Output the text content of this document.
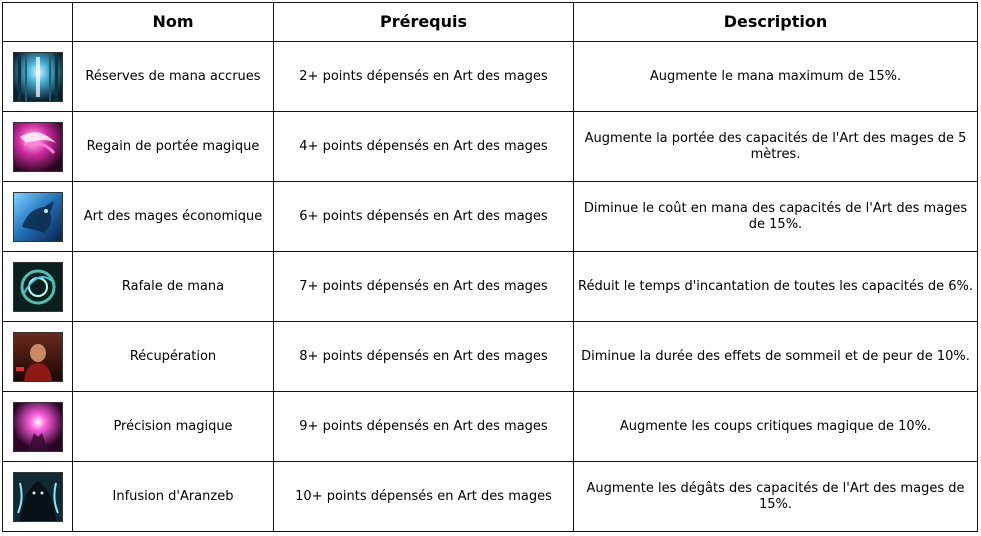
	Nom	Prérequis	Description

	Réserves de mana accrues	2+ points dépensés en Art des mages	Augmente le mana maximum de 15%.

	Regain de portée magique	4+ points dépensés en Art des mages	Augmente la portée des capacités de l'Art des mages de 5 mètres.

	Art des mages économique	6+ points dépensés en Art des mages	Diminue le coût en mana des capacités de l'Art des mages de 15%.

	Rafale de mana	7+ points dépensés en Art des mages	Réduit le temps d'incantation de toutes les capacités de 6%.

	Récupération	8+ points dépensés en Art des mages	Diminue la durée des effets de sommeil et de peur de 10%.

	Précision magique	9+ points dépensés en Art des mages	Augmente les coups critiques magique de 10%.

	Infusion d'Aranzeb	10+ points dépensés en Art des mages	Augmente les dégâts des capacités de l'Art des mages de 15%.
